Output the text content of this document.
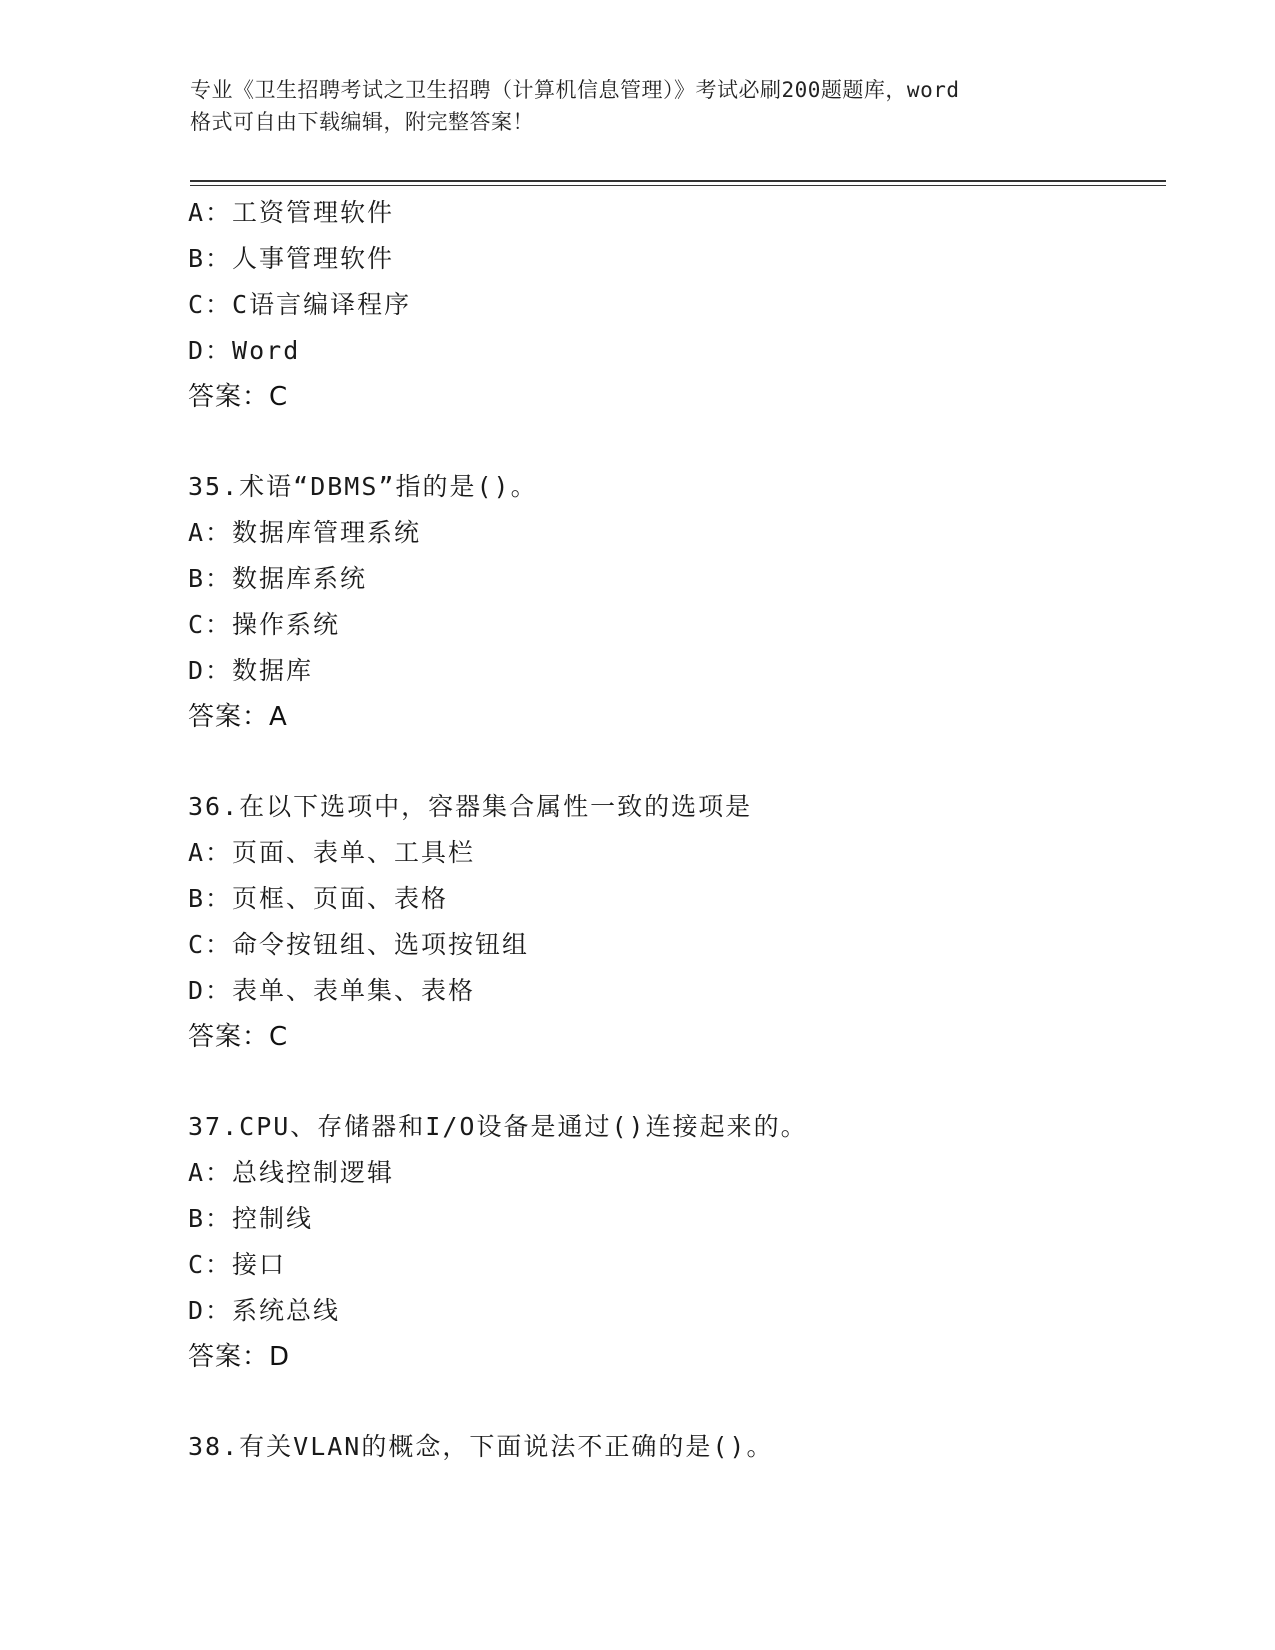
专业《卫生招聘考试之卫生招聘（计算机信息管理）》考试必刷200题题库，word
格式可自由下载编辑，附完整答案！
A：工资管理软件
B：人事管理软件
C：C语言编译程序
D：Word
答案：C
35.术语“DBMS”指的是()。
A：数据库管理系统
B：数据库系统
C：操作系统
D：数据库
答案：A
36.在以下选项中，容器集合属性一致的选项是
A：页面、表单、工具栏
B：页框、页面、表格
C：命令按钮组、选项按钮组
D：表单、表单集、表格
答案：C
37.CPU、存储器和I/O设备是通过()连接起来的。
A：总线控制逻辑
B：控制线
C：接口
D：系统总线
答案：D
38.有关VLAN的概念，下面说法不正确的是()。
